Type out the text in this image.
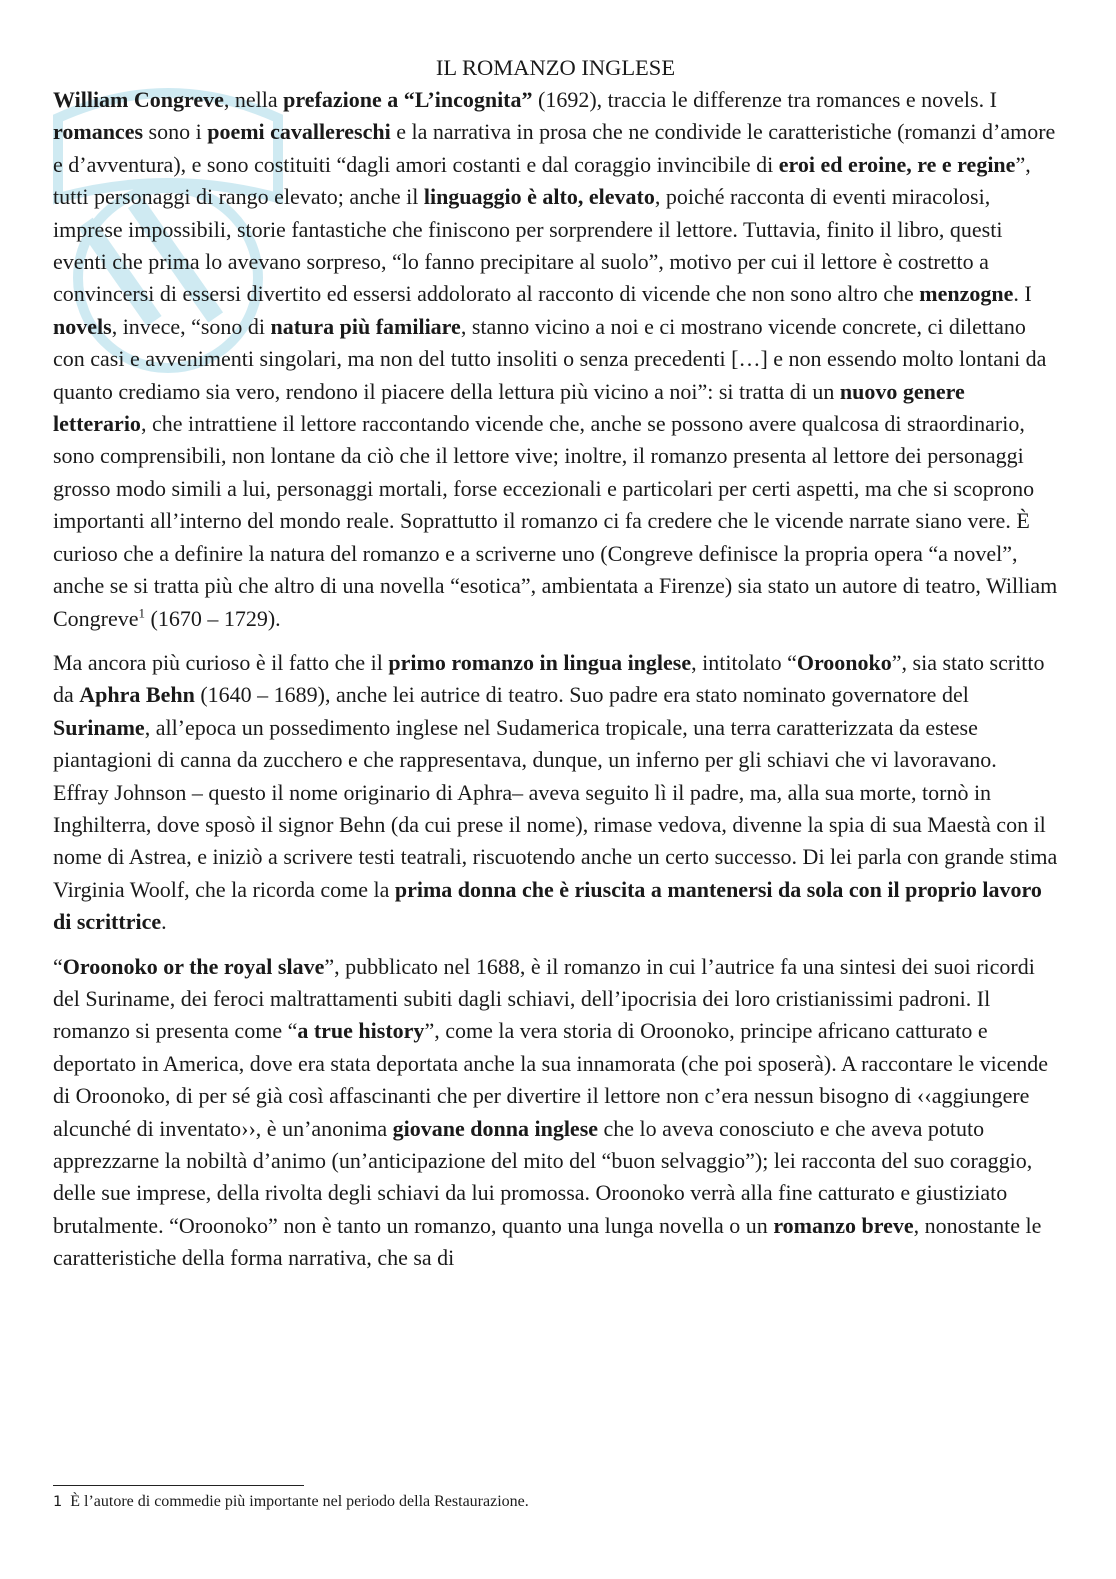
IL ROMANZO INGLESE

William Congreve, nella prefazione a “L’incognita” (1692), traccia le differenze tra romances e novels. I romances sono i poemi cavallereschi e la narrativa in prosa che ne condivide le caratteristiche (romanzi d’amore e d’avventura), e sono costituiti “dagli amori costanti e dal coraggio invincibile di eroi ed eroine, re e regine”, tutti personaggi di rango elevato; anche il linguaggio è alto, elevato, poiché racconta di eventi miracolosi, imprese impossibili, storie fantastiche che finiscono per sorprendere il lettore. Tuttavia, finito il libro, questi eventi che prima lo avevano sorpreso, “lo fanno precipitare al suolo”, motivo per cui il lettore è costretto a convincersi di essersi divertito ed essersi addolorato al racconto di vicende che non sono altro che menzogne. I novels, invece, “sono di natura più familiare, stanno vicino a noi e ci mostrano vicende concrete, ci dilettano con casi e avvenimenti singolari, ma non del tutto insoliti o senza precedenti […] e non essendo molto lontani da quanto crediamo sia vero, rendono il piacere della lettura più vicino a noi”: si tratta di un nuovo genere letterario, che intrattiene il lettore raccontando vicende che, anche se possono avere qualcosa di straordinario, sono comprensibili, non lontane da ciò che il lettore vive; inoltre, il romanzo presenta al lettore dei personaggi grosso modo simili a lui, personaggi mortali, forse eccezionali e particolari per certi aspetti, ma che si scoprono importanti all’interno del mondo reale. Soprattutto il romanzo ci fa credere che le vicende narrate siano vere. È curioso che a definire la natura del romanzo e a scriverne uno (Congreve definisce la propria opera “a novel”, anche se si tratta più che altro di una novella “esotica”, ambientata a Firenze) sia stato un autore di teatro, William Congreve$^1$ (1670 – 1729).

Ma ancora più curioso è il fatto che il primo romanzo in lingua inglese, intitolato “Oroonoko”, sia stato scritto da Aphra Behn (1640 – 1689), anche lei autrice di teatro. Suo padre era stato nominato governatore del Suriname, all’epoca un possedimento inglese nel Sudamerica tropicale, una terra caratterizzata da estese piantagioni di canna da zucchero e che rappresentava, dunque, un inferno per gli schiavi che vi lavoravano. Effray Johnson – questo il nome originario di Aphra– aveva seguito lì il padre, ma, alla sua morte, tornò in Inghilterra, dove sposò il signor Behn (da cui prese il nome), rimase vedova, divenne la spia di sua Maestà con il nome di Astrea, e iniziò a scrivere testi teatrali, riscuotendo anche un certo successo. Di lei parla con grande stima Virginia Woolf, che la ricorda come la prima donna che è riuscita a mantenersi da sola con il proprio lavoro di scrittrice.

“Oroonoko or the royal slave”, pubblicato nel 1688, è il romanzo in cui l’autrice fa una sintesi dei suoi ricordi del Suriname, dei feroci maltrattamenti subiti dagli schiavi, dell’ipocrisia dei loro cristianissimi padroni. Il romanzo si presenta come “a true history”, come la vera storia di Oroonoko, principe africano catturato e deportato in America, dove era stata deportata anche la sua innamorata (che poi sposerà). A raccontare le vicende di Oroonoko, di per sé già così affascinanti che per divertire il lettore non c’era nessun bisogno di ‹‹aggiungere alcunché di inventato››, è un’anonima giovane donna inglese che lo aveva conosciuto e che aveva potuto apprezzarne la nobiltà d’animo (un’anticipazione del mito del “buon selvaggio”); lei racconta del suo coraggio, delle sue imprese, della rivolta degli schiavi da lui promossa. Oroonoko verrà alla fine catturato e giustiziato brutalmente. “Oroonoko” non è tanto un romanzo, quanto una lunga novella o un romanzo breve, nonostante le caratteristiche della forma narrativa, che sa di

1 È l’autore di commedie più importante nel periodo della Restaurazione.
